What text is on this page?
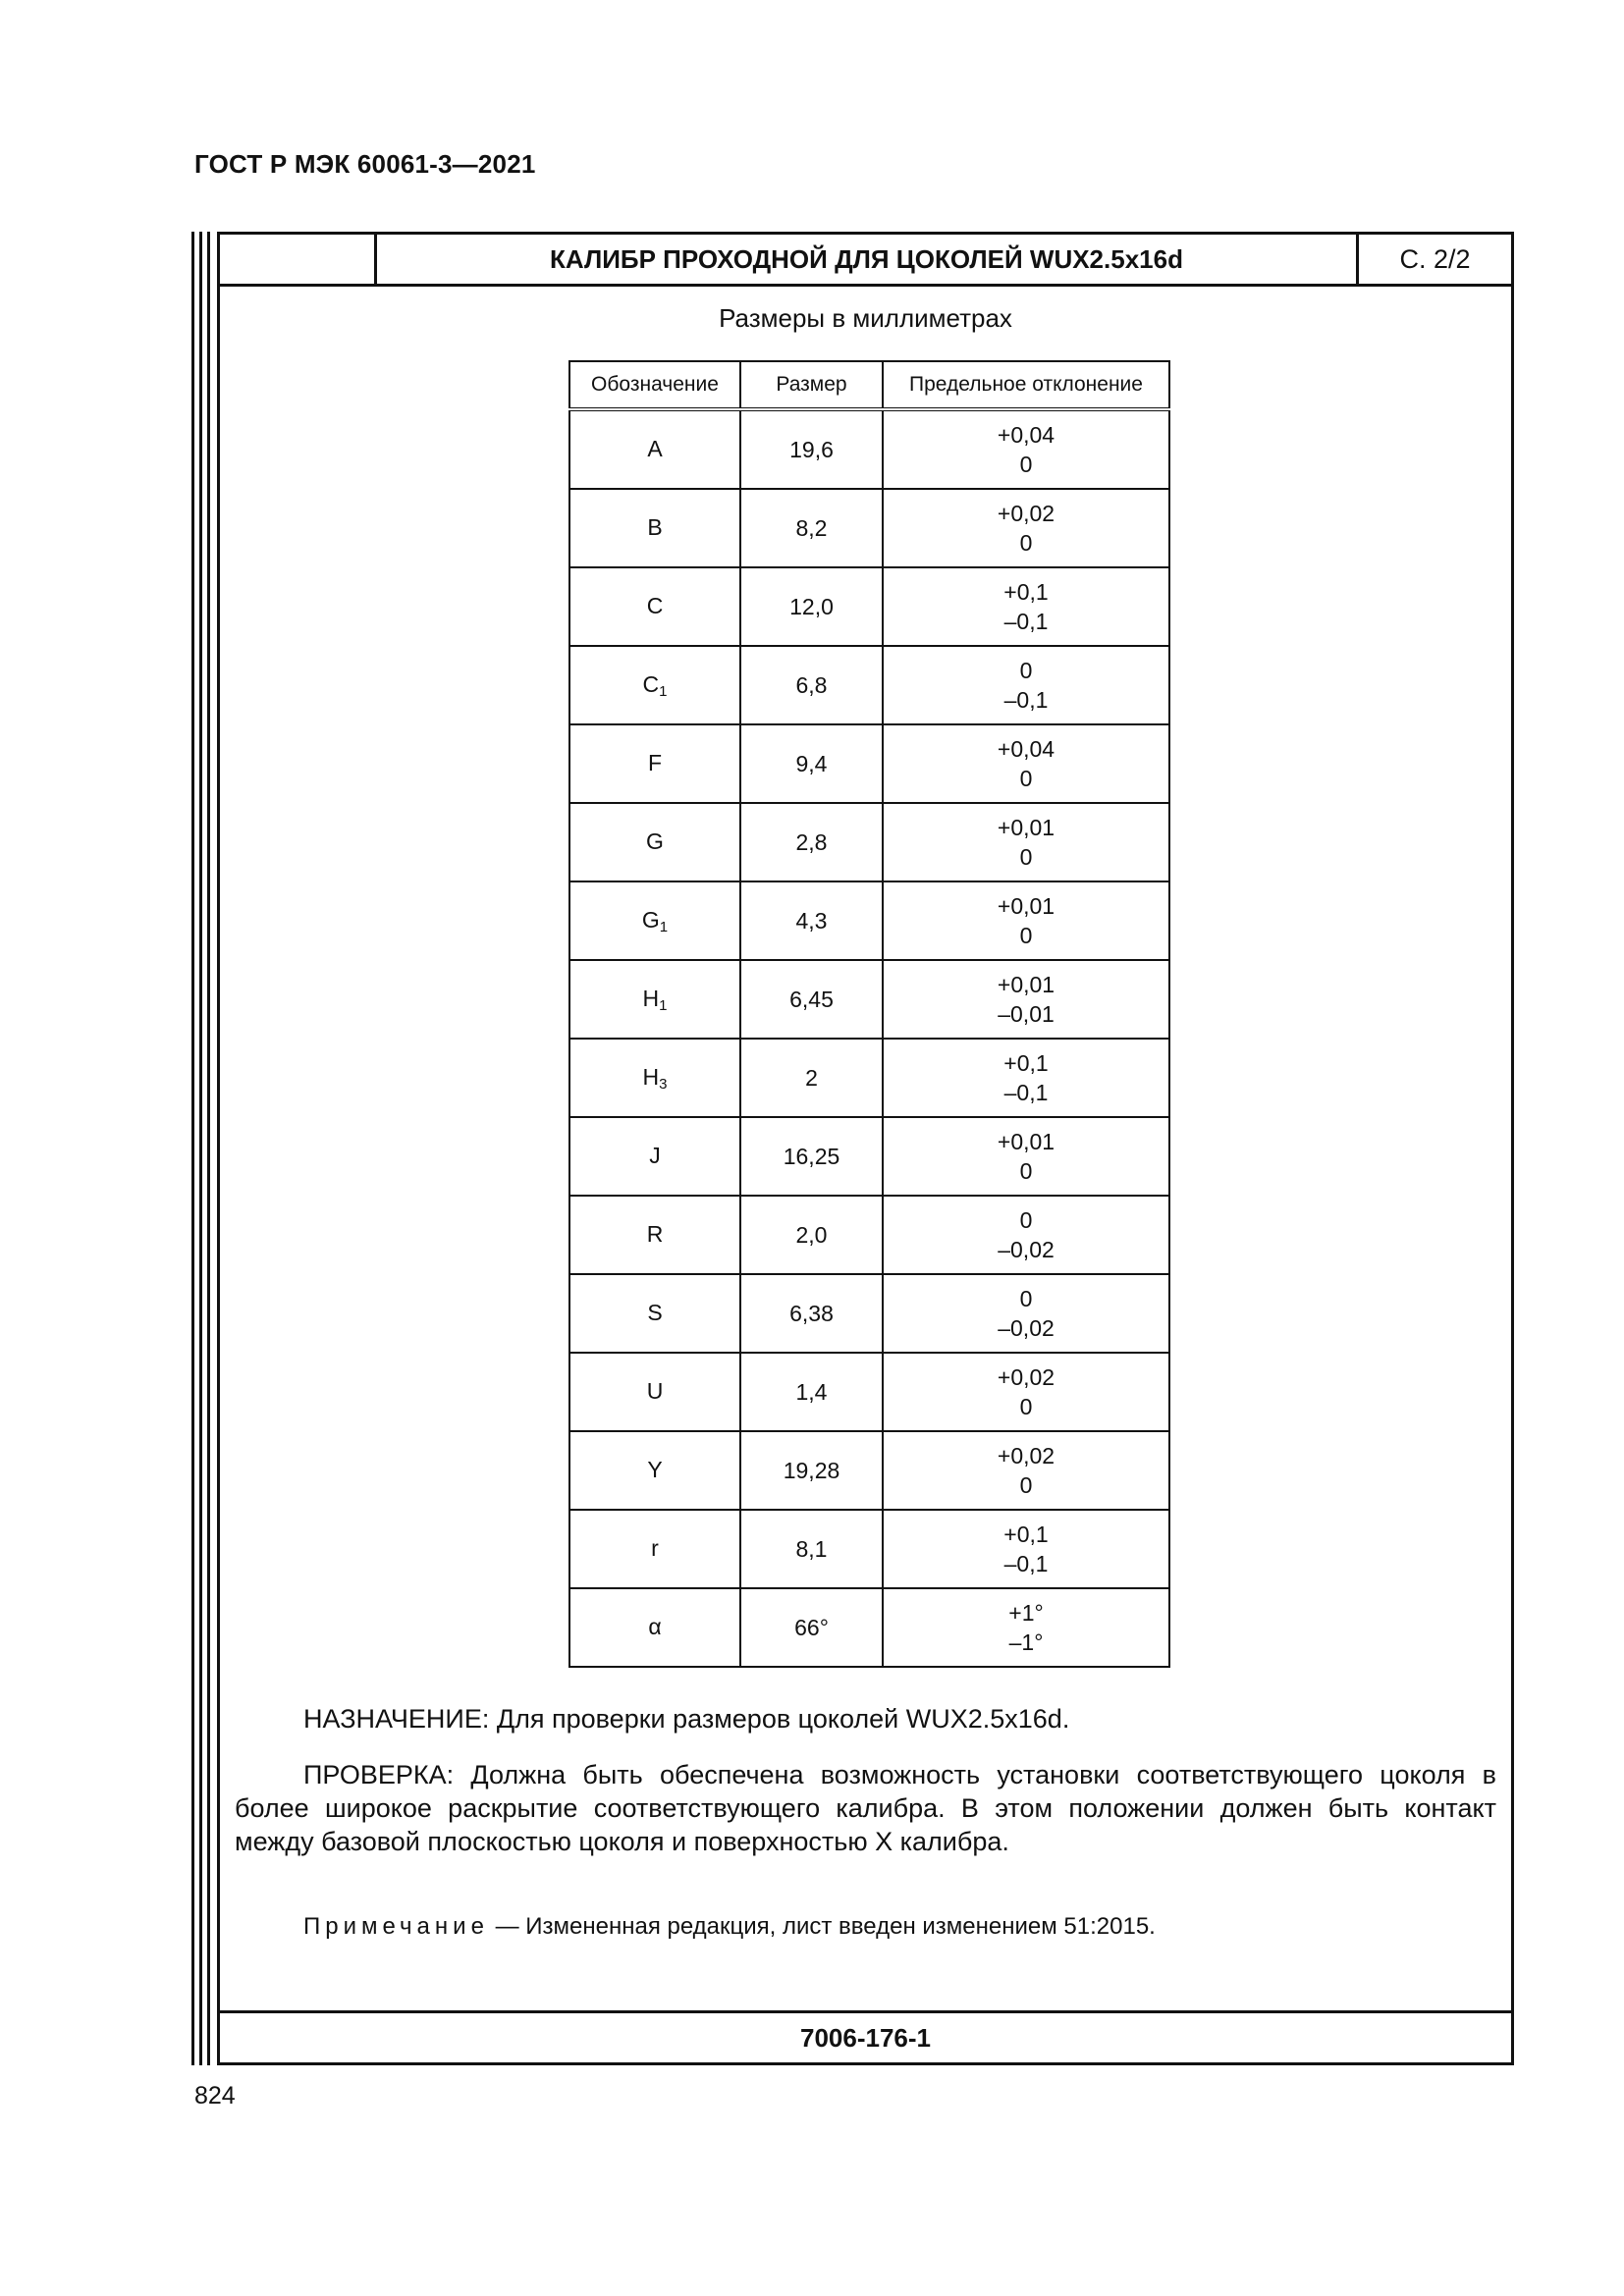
ГОСТ Р МЭК 60061-3—2021
КАЛИБР ПРОХОДНОЙ ДЛЯ ЦОКОЛЕЙ WUX2.5x16d	С. 2/2
Размеры в миллиметрах
Обозначение	Размер	Предельное отклонение
A	19,6	+0,04
0

B	8,2	+0,02
0

C	12,0	+0,1
–0,1

$C_1$	6,8	0
–0,1

F	9,4	+0,04
0

G	2,8	+0,01
0

$G_1$	4,3	+0,01
0

$H_1$	6,45	+0,01
–0,01

$H_3$	2	+0,1
–0,1

J	16,25	+0,01
0

R	2,0	0
–0,02

S	6,38	0
–0,02

U	1,4	+0,02
0

Y	19,28	+0,02
0

r	8,1	+0,1
–0,1

α	66°	+1°
–1°
НАЗНАЧЕНИЕ: Для проверки размеров цоколей WUX2.5x16d.
ПРОВЕРКА: Должна быть обеспечена возможность установки соответствующего цоколя в более широкое раскрытие соответствующего калибра. В этом положении должен быть контакт между базовой плоскостью цоколя и поверхностью X калибра.
Примечание — Измененная редакция, лист введен изменением 51:2015.
7006-176-1
824
